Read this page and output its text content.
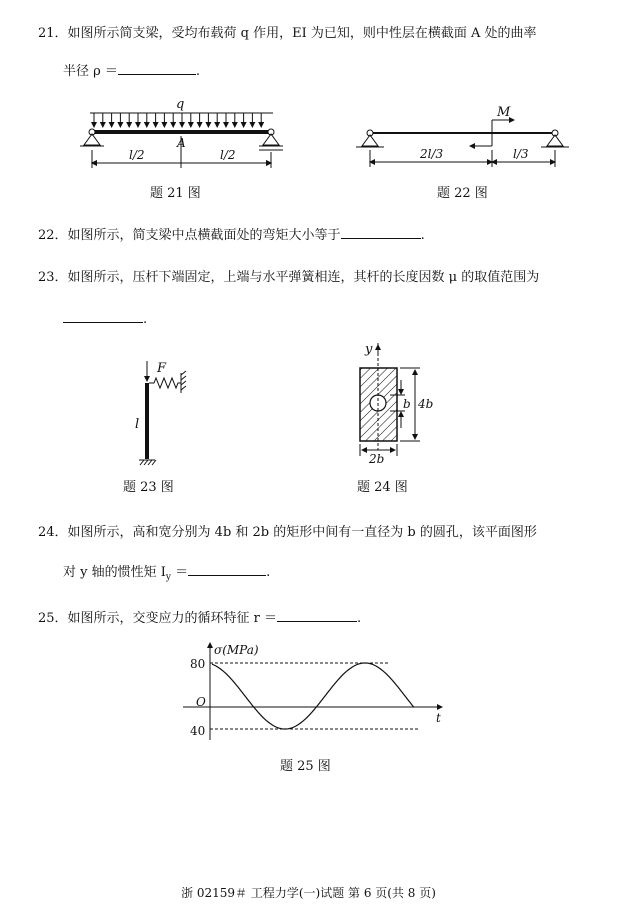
21．如图所示简支梁，受均布载荷 q 作用，EI 为已知，则中性层在横截面 A 处的曲率
半径 ρ ＝	.
q
A
l/2	l/2
题 21 图
M
2l/3	l/3
题 22 图
22．如图所示，简支梁中点横截面处的弯矩大小等于	.
23．如图所示，压杆下端固定，上端与水平弹簧相连，其杆的长度因数 μ 的取值范围为
.
F
l
题 23 图
y
b 4b
2b
题 24 图
24．如图所示，高和宽分别为 4b 和 2b 的矩形中间有一直径为 b 的圆孔，该平面图形
对 y 轴的惯性矩 $I_y$ ＝	.
25．如图所示，交变应力的循环特征 r ＝	.
σ(MPa)
t
O
80
40
题 25 图
浙 02159＃ 工程力学(一)试题 第 6 页(共 8 页)
